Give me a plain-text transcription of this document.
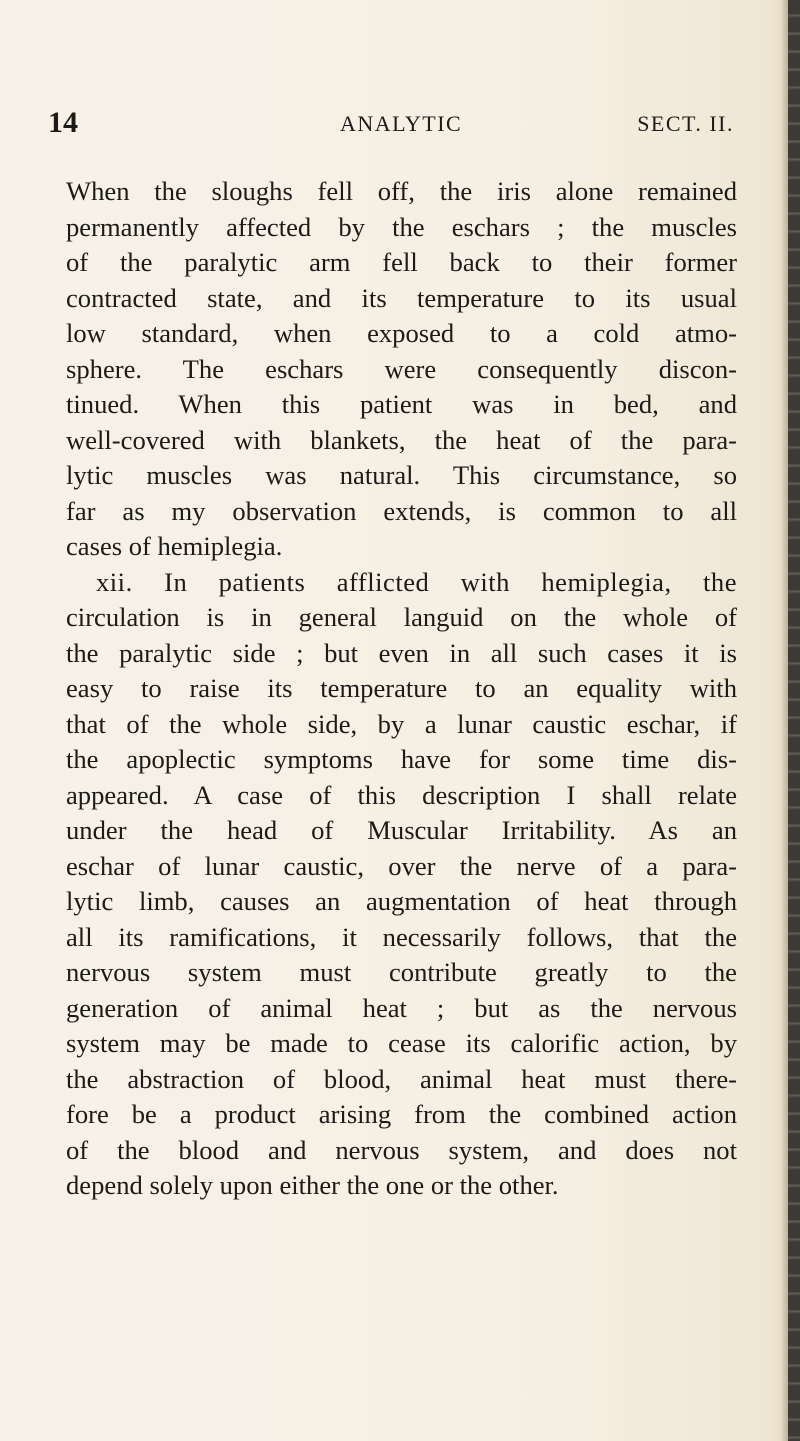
14	ANALYTIC	SECT. II.
When the sloughs fell off, the iris alone remained
permanently affected by the eschars ; the muscles
of the paralytic arm fell back to their former
contracted state, and its temperature to its usual
low standard, when exposed to a cold atmo-
sphere. The eschars were consequently discon-
tinued. When this patient was in bed, and
well-covered with blankets, the heat of the para-
lytic muscles was natural. This circumstance, so
far as my observation extends, is common to all
cases of hemiplegia.
xii. In patients afflicted with hemiplegia, the
circulation is in general languid on the whole of
the paralytic side ; but even in all such cases it is
easy to raise its temperature to an equality with
that of the whole side, by a lunar caustic eschar, if
the apoplectic symptoms have for some time dis-
appeared. A case of this description I shall relate
under the head of Muscular Irritability. As an
eschar of lunar caustic, over the nerve of a para-
lytic limb, causes an augmentation of heat through
all its ramifications, it necessarily follows, that the
nervous system must contribute greatly to the
generation of animal heat ; but as the nervous
system may be made to cease its calorific action, by
the abstraction of blood, animal heat must there-
fore be a product arising from the combined action
of the blood and nervous system, and does not
depend solely upon either the one or the other.
